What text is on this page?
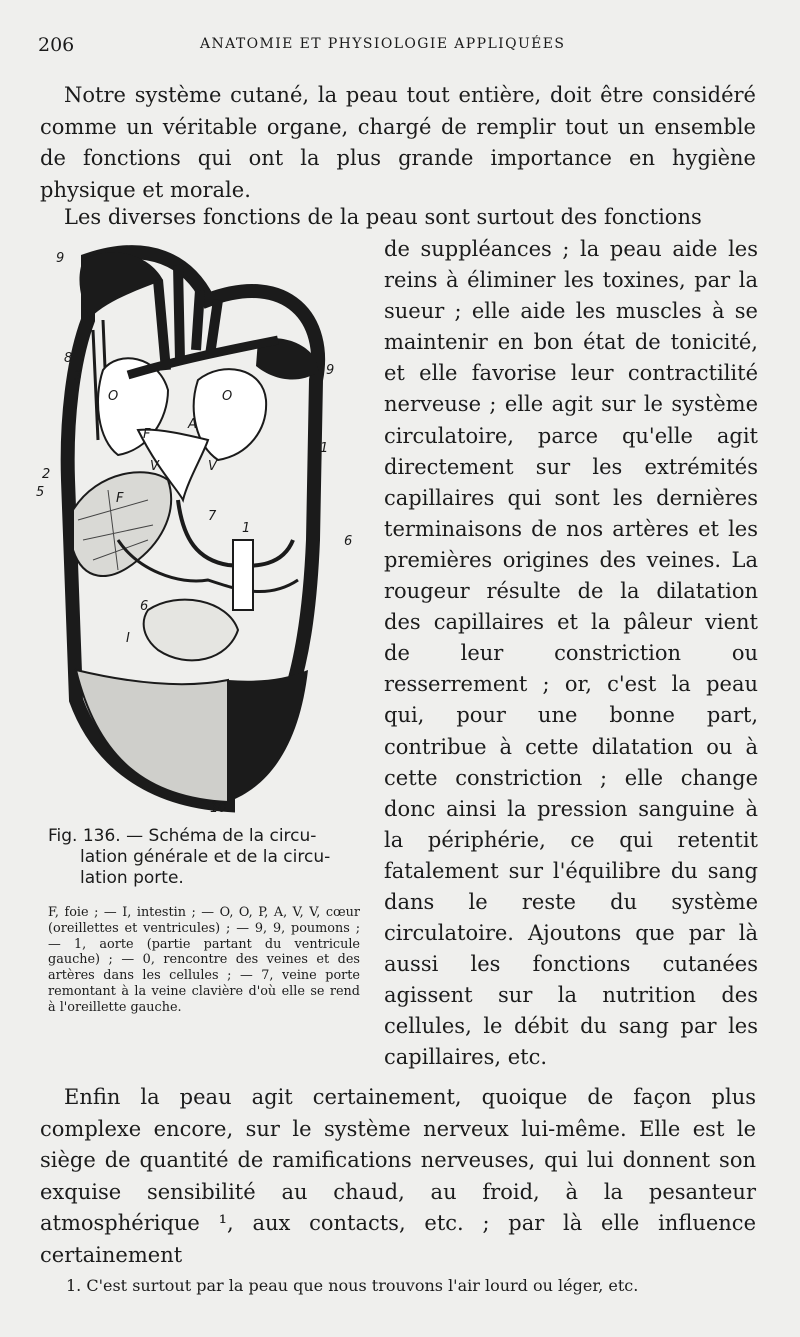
206	ANATOMIE ET PHYSIOLOGIE APPLIQUÉES
Notre système cutané, la peau tout entière, doit être considéré comme un véritable organe, chargé de remplir tout un ensemble de fonctions qui ont la plus grande importance en hygiène physique et morale.
Les diverses fonctions de la peau sont surtout des fonctions
de suppléances ; la peau aide les reins à éliminer les toxines, par la sueur ; elle aide les muscles à se maintenir en bon état de tonicité, et elle favorise leur contractilité nerveuse ; elle agit sur le système circulatoire, parce qu'elle agit directement sur les extrémités capillaires qui sont les dernières terminaisons de nos artères et les premières origines des veines. La rougeur résulte de la dilatation des capillaires et la pâleur vient de leur constriction ou resserrement ; or, c'est la peau qui, pour une bonne part, contribue à cette dilatation ou à cette constriction ; elle change donc ainsi la pression sanguine à la périphérie, ce qui retentit fatalement sur l'équilibre du sang dans le reste du système circulatoire. Ajoutons que par là aussi les fonctions cutanées agissent sur la nutrition des cellules, le débit du sang par les capillaires, etc.
9
9
8
3
O	O
F
A
V	V
1
2
5	F
7
1
6
6
I
10
Fig. 136. — Schéma de la circu-
lation générale et de la circu-
lation porte.
F, foie ; — I, intestin ; — O, O, P, A, V, V, cœur (oreillettes et ventricules) ; — 9, 9, poumons ; — 1, aorte (partie partant du ventricule gauche) ; — 0, rencontre des veines et des artères dans les cellules ; — 7, veine porte remontant à la veine clavière d'où elle se rend à l'oreillette gauche.
Enfin la peau agit certainement, quoique de façon plus complexe encore, sur le système nerveux lui-même. Elle est le siège de quantité de ramifications nerveuses, qui lui donnent son exquise sensibilité au chaud, au froid, à la pesanteur atmosphérique ¹, aux contacts, etc. ; par là elle influence certainement
1. C'est surtout par la peau que nous trouvons l'air lourd ou léger, etc.
